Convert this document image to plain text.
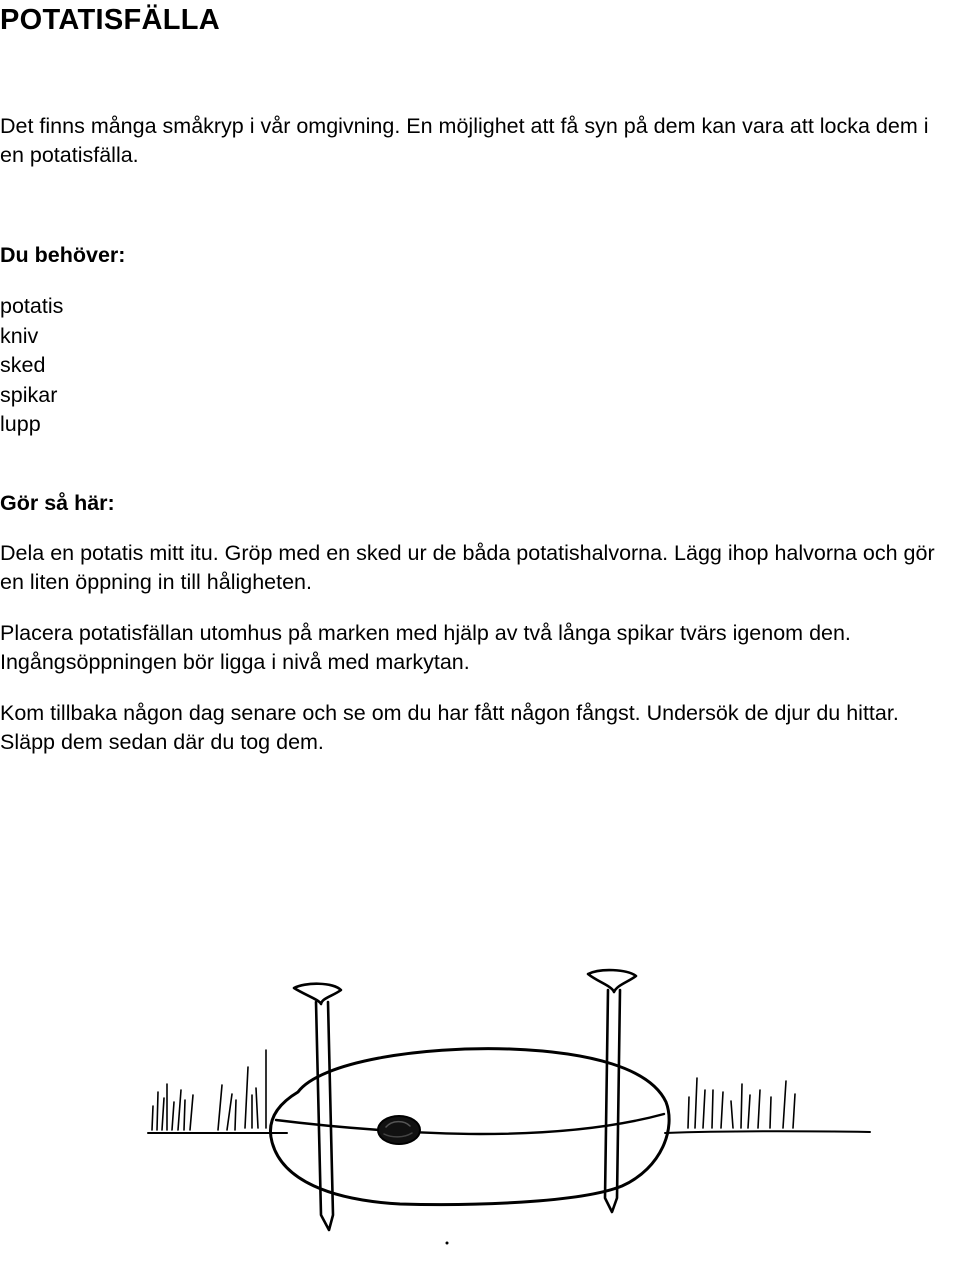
POTATISFÄLLA

Det finns många småkryp i vår omgivning. En möjlighet att få syn på dem kan vara att locka dem i en potatisfälla.

Du behöver:
potatis
kniv
sked
spikar
lupp
Gör så här:

Dela en potatis mitt itu. Gröp med en sked ur de båda potatishalvorna. Lägg ihop halvorna och gör en liten öppning in till håligheten.

Placera potatisfällan utomhus på marken med hjälp av två långa spikar tvärs igenom den. Ingångsöppningen bör ligga i nivå med markytan.

Kom tillbaka någon dag senare och se om du har fått någon fångst. Undersök de djur du hittar. Släpp dem sedan där du tog dem.
